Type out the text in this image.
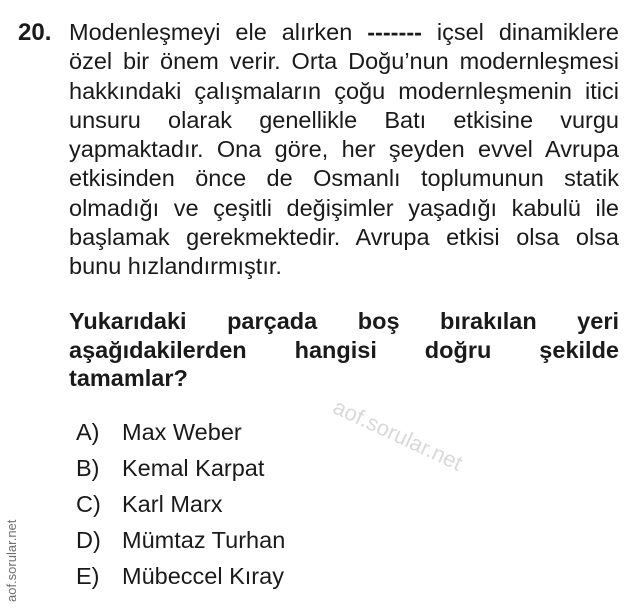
20. Modenleşmeyi ele alırken ------- içsel dinamiklere özel bir önem verir. Orta Doğu’nun modernleşmesi hakkındaki çalışmaların çoğu modernleşmenin itici unsuru olarak genellikle Batı etkisine vurgu yapmaktadır. Ona göre, her şeyden evvel Avrupa etkisinden önce de Osmanlı toplumunun statik olmadığı ve çeşitli değişimler yaşadığı kabulü ile başlamak gerekmektedir. Avrupa etkisi olsa olsa bunu hızlandırmıştır.
Yukarıdaki parçada boş bırakılan yeri aşağıdakilerden hangisi doğru şekilde tamamlar?
A) Max Weber
B) Kemal Karpat
C) Karl Marx
D) Mümtaz Turhan
E) Mübeccel Kıray
aof.sorular.net
aof.sorular.net
